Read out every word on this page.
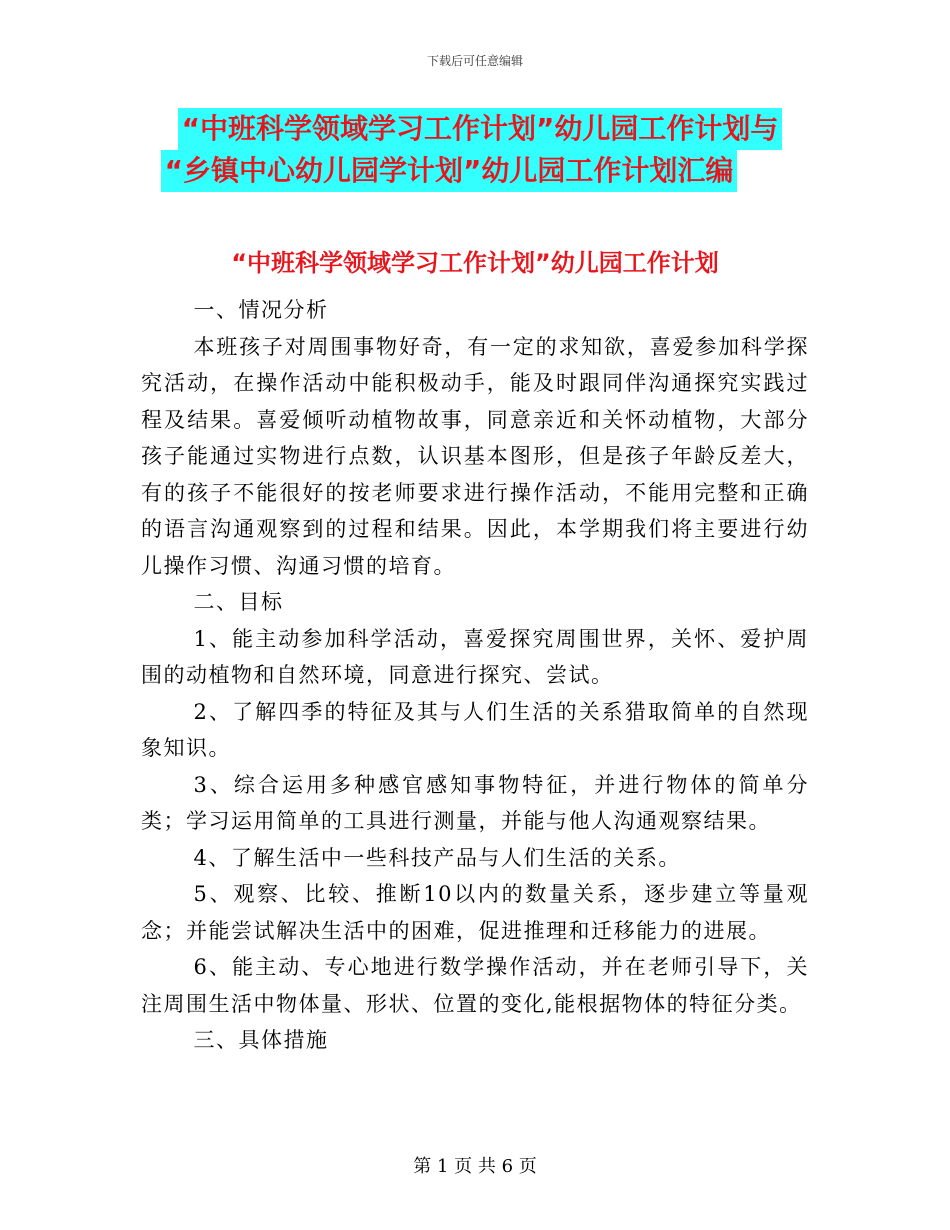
下载后可任意编辑
“中班科学领域学习工作计划”幼儿园工作计划与
“乡镇中心幼儿园学计划”幼儿园工作计划汇编
“中班科学领域学习工作计划”幼儿园工作计划

一、情况分析

本班孩子对周围事物好奇，有一定的求知欲，喜爱参加科学探究活动，在操作活动中能积极动手，能及时跟同伴沟通探究实践过程及结果。喜爱倾听动植物故事，同意亲近和关怀动植物，大部分孩子能通过实物进行点数，认识基本图形，但是孩子年龄反差大，有的孩子不能很好的按老师要求进行操作活动，不能用完整和正确的语言沟通观察到的过程和结果。因此，本学期我们将主要进行幼儿操作习惯、沟通习惯的培育。

二、目标

1、能主动参加科学活动，喜爱探究周围世界，关怀、爱护周围的动植物和自然环境，同意进行探究、尝试。

2、了解四季的特征及其与人们生活的关系猎取简单的自然现象知识。

3、综合运用多种感官感知事物特征，并进行物体的简单分类；学习运用简单的工具进行测量，并能与他人沟通观察结果。

4、了解生活中一些科技产品与人们生活的关系。

5、观察、比较、推断10以内的数量关系，逐步建立等量观念；并能尝试解决生活中的困难，促进推理和迁移能力的进展。

6、能主动、专心地进行数学操作活动，并在老师引导下，关注周围生活中物体量、形状、位置的变化,能根据物体的特征分类。

三、具体措施

第 1 页 共 6 页
